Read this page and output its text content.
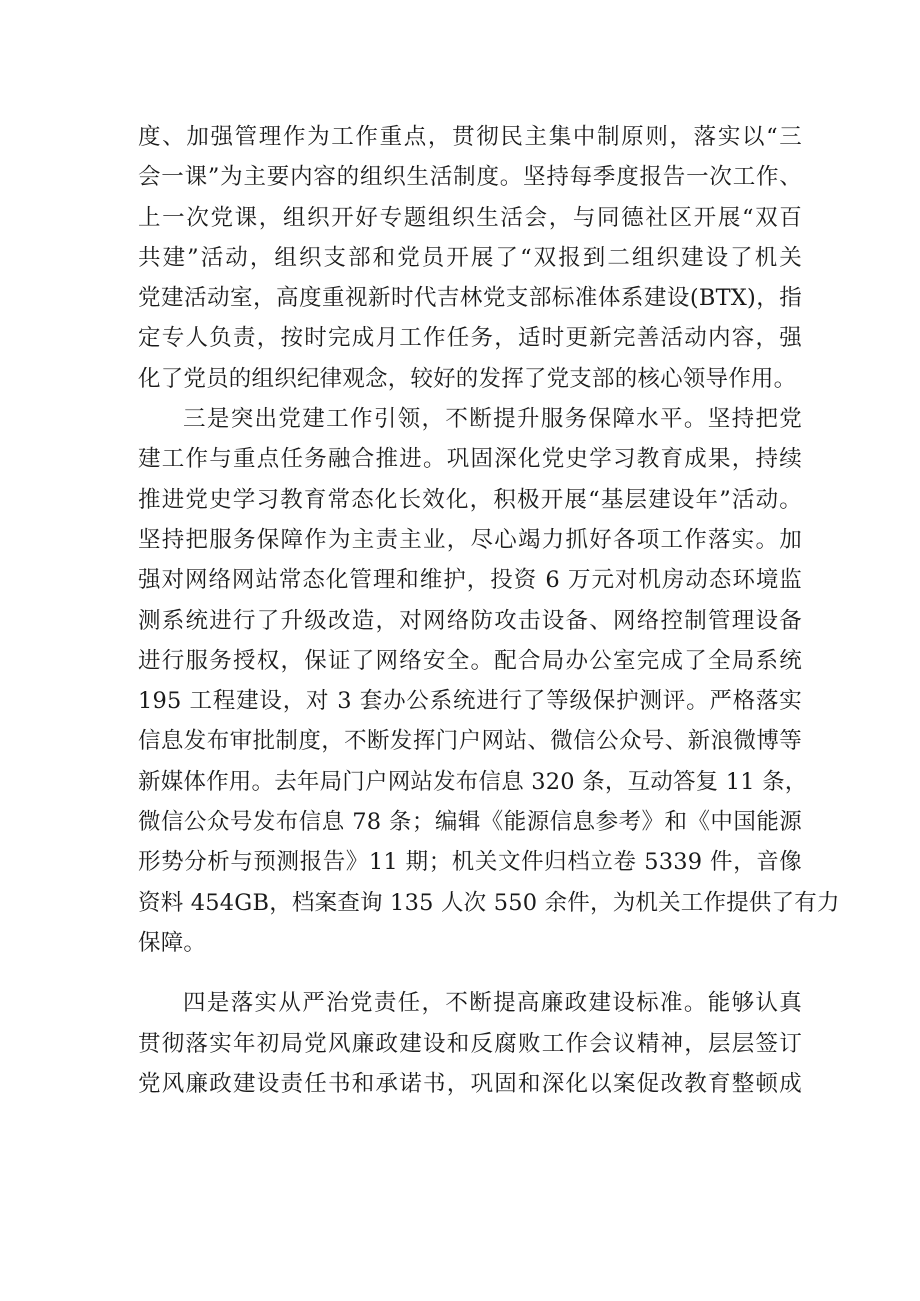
度、加强管理作为工作重点，贯彻民主集中制原则，落实以“三
会一课”为主要内容的组织生活制度。坚持每季度报告一次工作、
上一次党课，组织开好专题组织生活会，与同德社区开展“双百
共建”活动，组织支部和党员开展了“双报到二组织建设了机关
党建活动室，高度重视新时代吉林党支部标准体系建设(BTX)，指
定专人负责，按时完成月工作任务，适时更新完善活动内容，强
化了党员的组织纪律观念，较好的发挥了党支部的核心领导作用。
三是突出党建工作引领，不断提升服务保障水平。坚持把党
建工作与重点任务融合推进。巩固深化党史学习教育成果，持续
推进党史学习教育常态化长效化，积极开展“基层建设年”活动。
坚持把服务保障作为主责主业，尽心竭力抓好各项工作落实。加
强对网络网站常态化管理和维护，投资 6 万元对机房动态环境监
测系统进行了升级改造，对网络防攻击设备、网络控制管理设备
进行服务授权，保证了网络安全。配合局办公室完成了全局系统
195 工程建设，对 3 套办公系统进行了等级保护测评。严格落实
信息发布审批制度，不断发挥门户网站、微信公众号、新浪微博等
新媒体作用。去年局门户网站发布信息 320 条，互动答复 11 条，
微信公众号发布信息 78 条；编辑《能源信息参考》和《中国能源
形势分析与预测报告》11 期；机关文件归档立卷 5339 件，音像
资料 454GB，档案查询 135 人次 550 余件，为机关工作提供了有力
保障。
四是落实从严治党责任，不断提高廉政建设标准。能够认真
贯彻落实年初局党风廉政建设和反腐败工作会议精神，层层签订
党风廉政建设责任书和承诺书，巩固和深化以案促改教育整顿成
